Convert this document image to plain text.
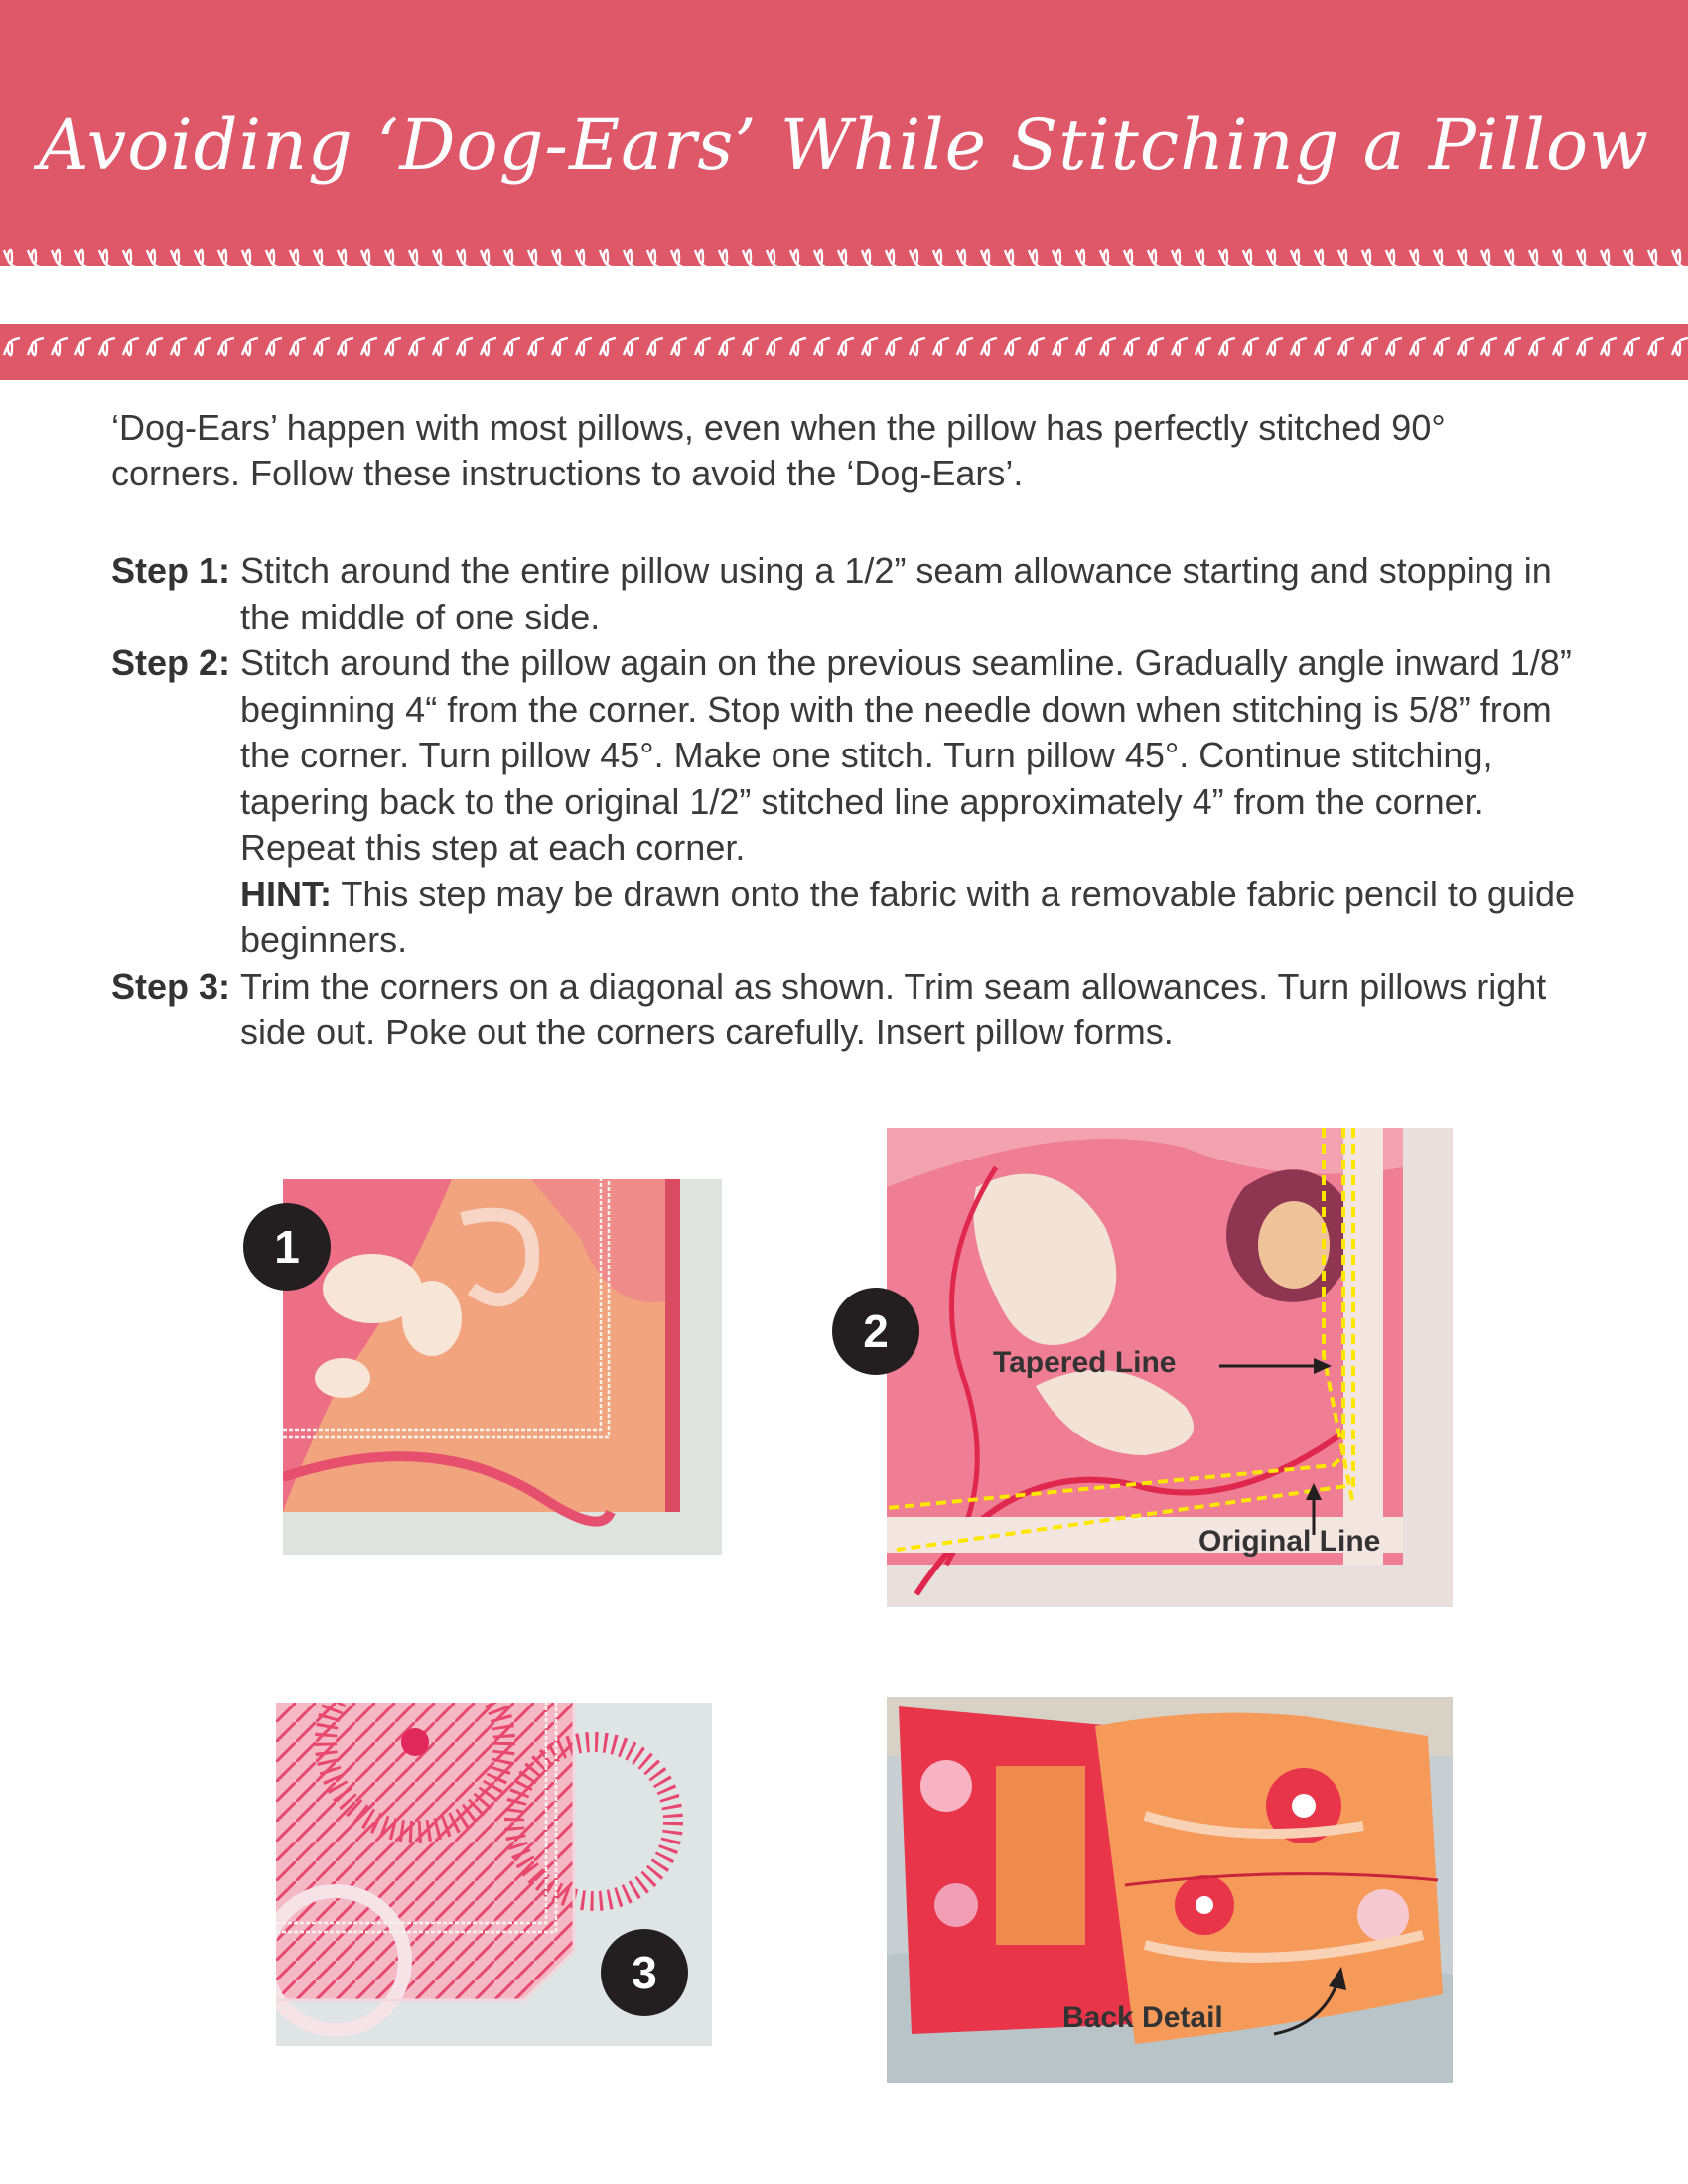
Avoiding ‘Dog-Ears’ While Stitching a Pillow

‘Dog-Ears’ happen with most pillows, even when the pillow has perfectly stitched 90° corners. Follow these instructions to avoid the ‘Dog-Ears’.

Step 1: Stitch around the entire pillow using a 1/2” seam allowance starting and stopping in the middle of one side.

Step 2: Stitch around the pillow again on the previous seamline. Gradually angle inward 1/8” beginning 4“ from the corner. Stop with the needle down when stitching is 5/8” from the corner. Turn pillow 45°. Make one stitch. Turn pillow 45°. Continue stitching, tapering back to the original 1/2” stitched line approximately 4” from the corner. Repeat this step at each corner.

HINT: This step may be drawn onto the fabric with a removable fabric pencil to guide beginners.

Step 3: Trim the corners on a diagonal as shown. Trim seam allowances. Turn pillows right side out. Poke out the corners carefully. Insert pillow forms.

1
2
Tapered Line
Original Line
3
Back Detail
